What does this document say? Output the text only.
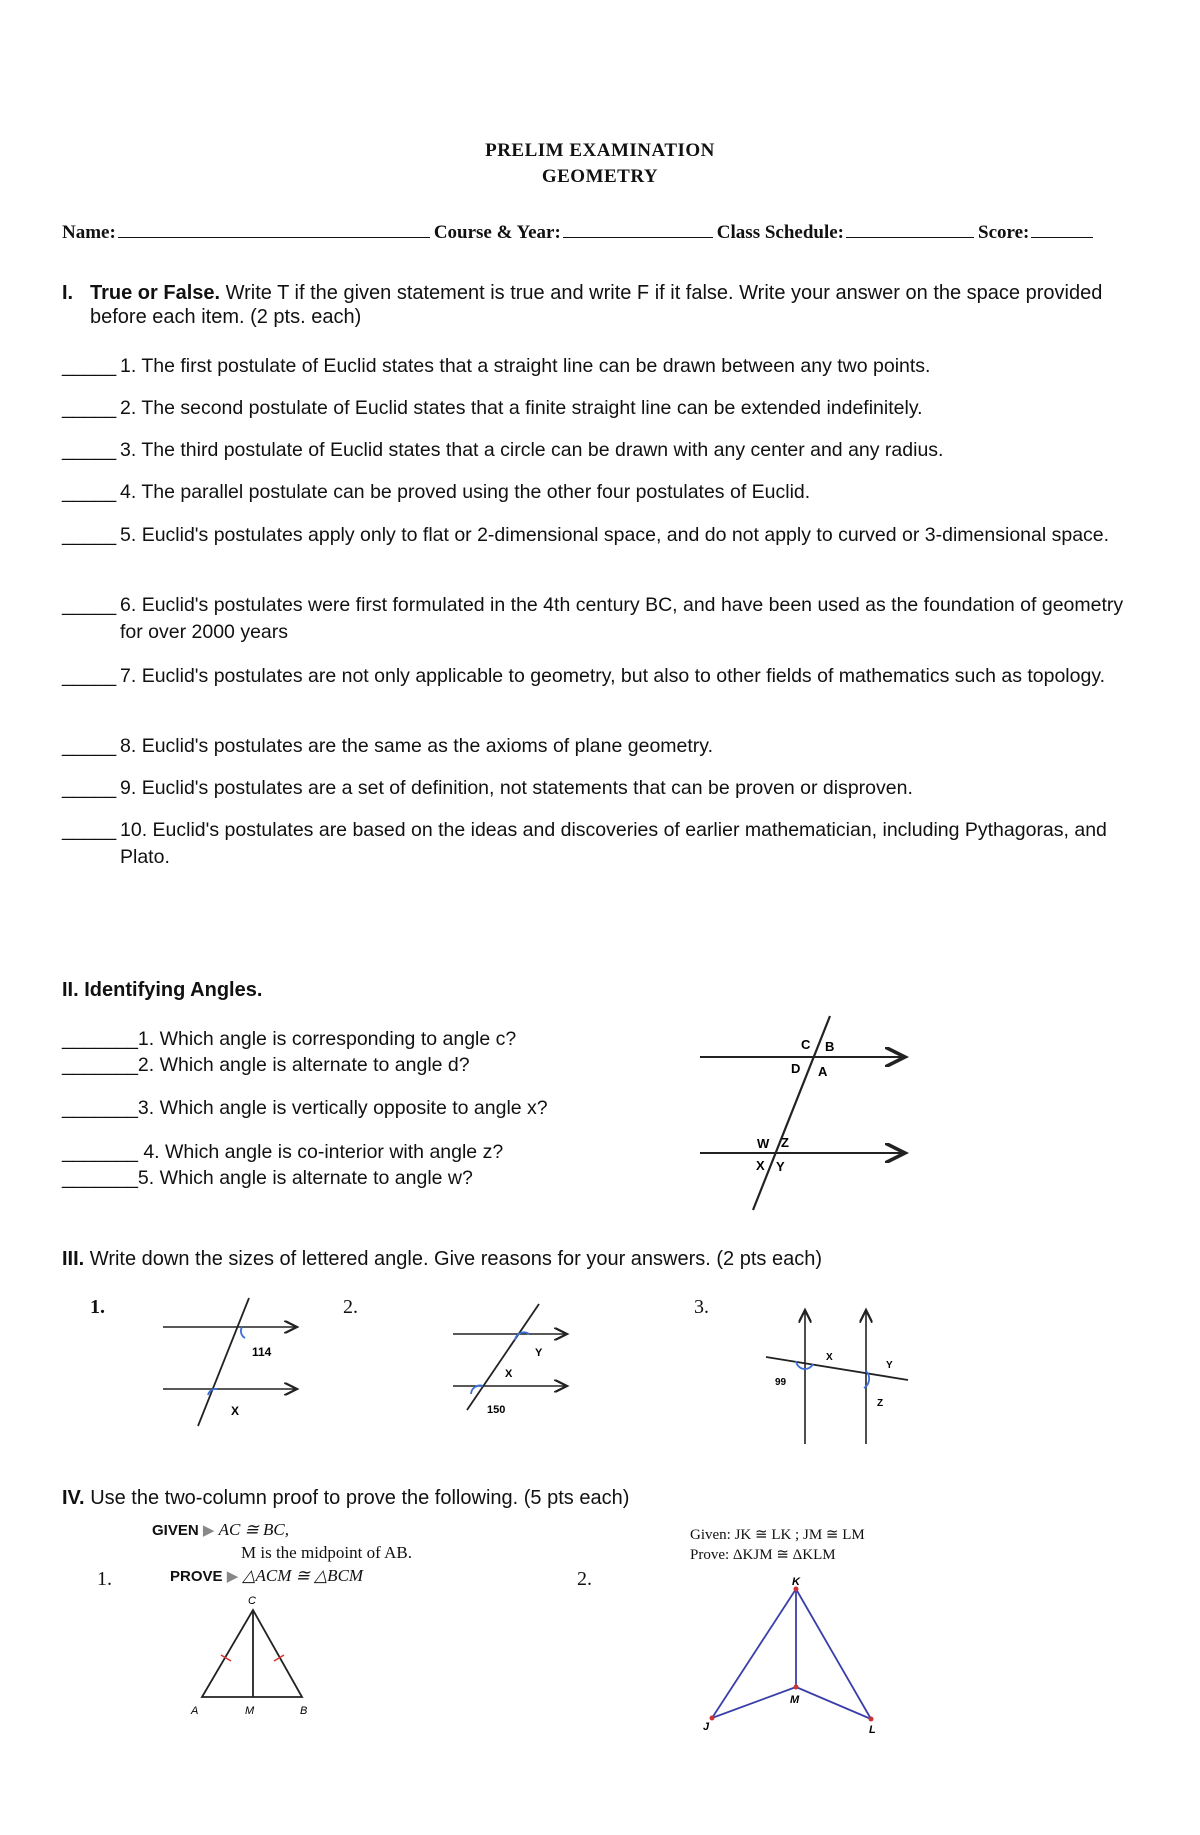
PRELIM EXAMINATION
GEOMETRY
Name:	Course & Year:	Class Schedule:	Score:
I. True or False. Write T if the given statement is true and write F if it false. Write your answer on the space provided before each item. (2 pts. each)
_____ 1. The first postulate of Euclid states that a straight line can be drawn between any two points.
_____ 2. The second postulate of Euclid states that a finite straight line can be extended indefinitely.
_____ 3. The third postulate of Euclid states that a circle can be drawn with any center and any radius.
_____ 4. The parallel postulate can be proved using the other four postulates of Euclid.
_____ 5. Euclid's postulates apply only to flat or 2-dimensional space, and do not apply to curved or 3-dimensional space.
_____ 6. Euclid's postulates were first formulated in the 4th century BC, and have been used as the foundation of geometry for over 2000 years
_____ 7. Euclid's postulates are not only applicable to geometry, but also to other fields of mathematics such as topology.
_____ 8. Euclid's postulates are the same as the axioms of plane geometry.
_____ 9. Euclid's postulates are a set of definition, not statements that can be proven or disproven.
_____ 10. Euclid's postulates are based on the ideas and discoveries of earlier mathematician, including Pythagoras, and Plato.
II. Identifying Angles.
_______1. Which angle is corresponding to angle c?
_______2. Which angle is alternate to angle d?
_______3. Which angle is vertically opposite to angle x?
_______ 4. Which angle is co-interior with angle z?
_______5. Which angle is alternate to angle w?
C B
D A
W Z
X Y
III. Write down the sizes of lettered angle. Give reasons for your answers. (2 pts each)
1.
114
X
2.
Y
X
150
3.
X
Y
99
Z
IV. Use the two-column proof to prove the following. (5 pts each)
GIVEN ▶ AC ≅ BC,
M is the midpoint of AB.
1.	PROVE ▶ △ACM ≅ △BCM
C
A	M	B
Given: JK ≅ LK ; JM ≅ LM
Prove: ΔKJM ≅ ΔKLM
2.	K
M
J	L
